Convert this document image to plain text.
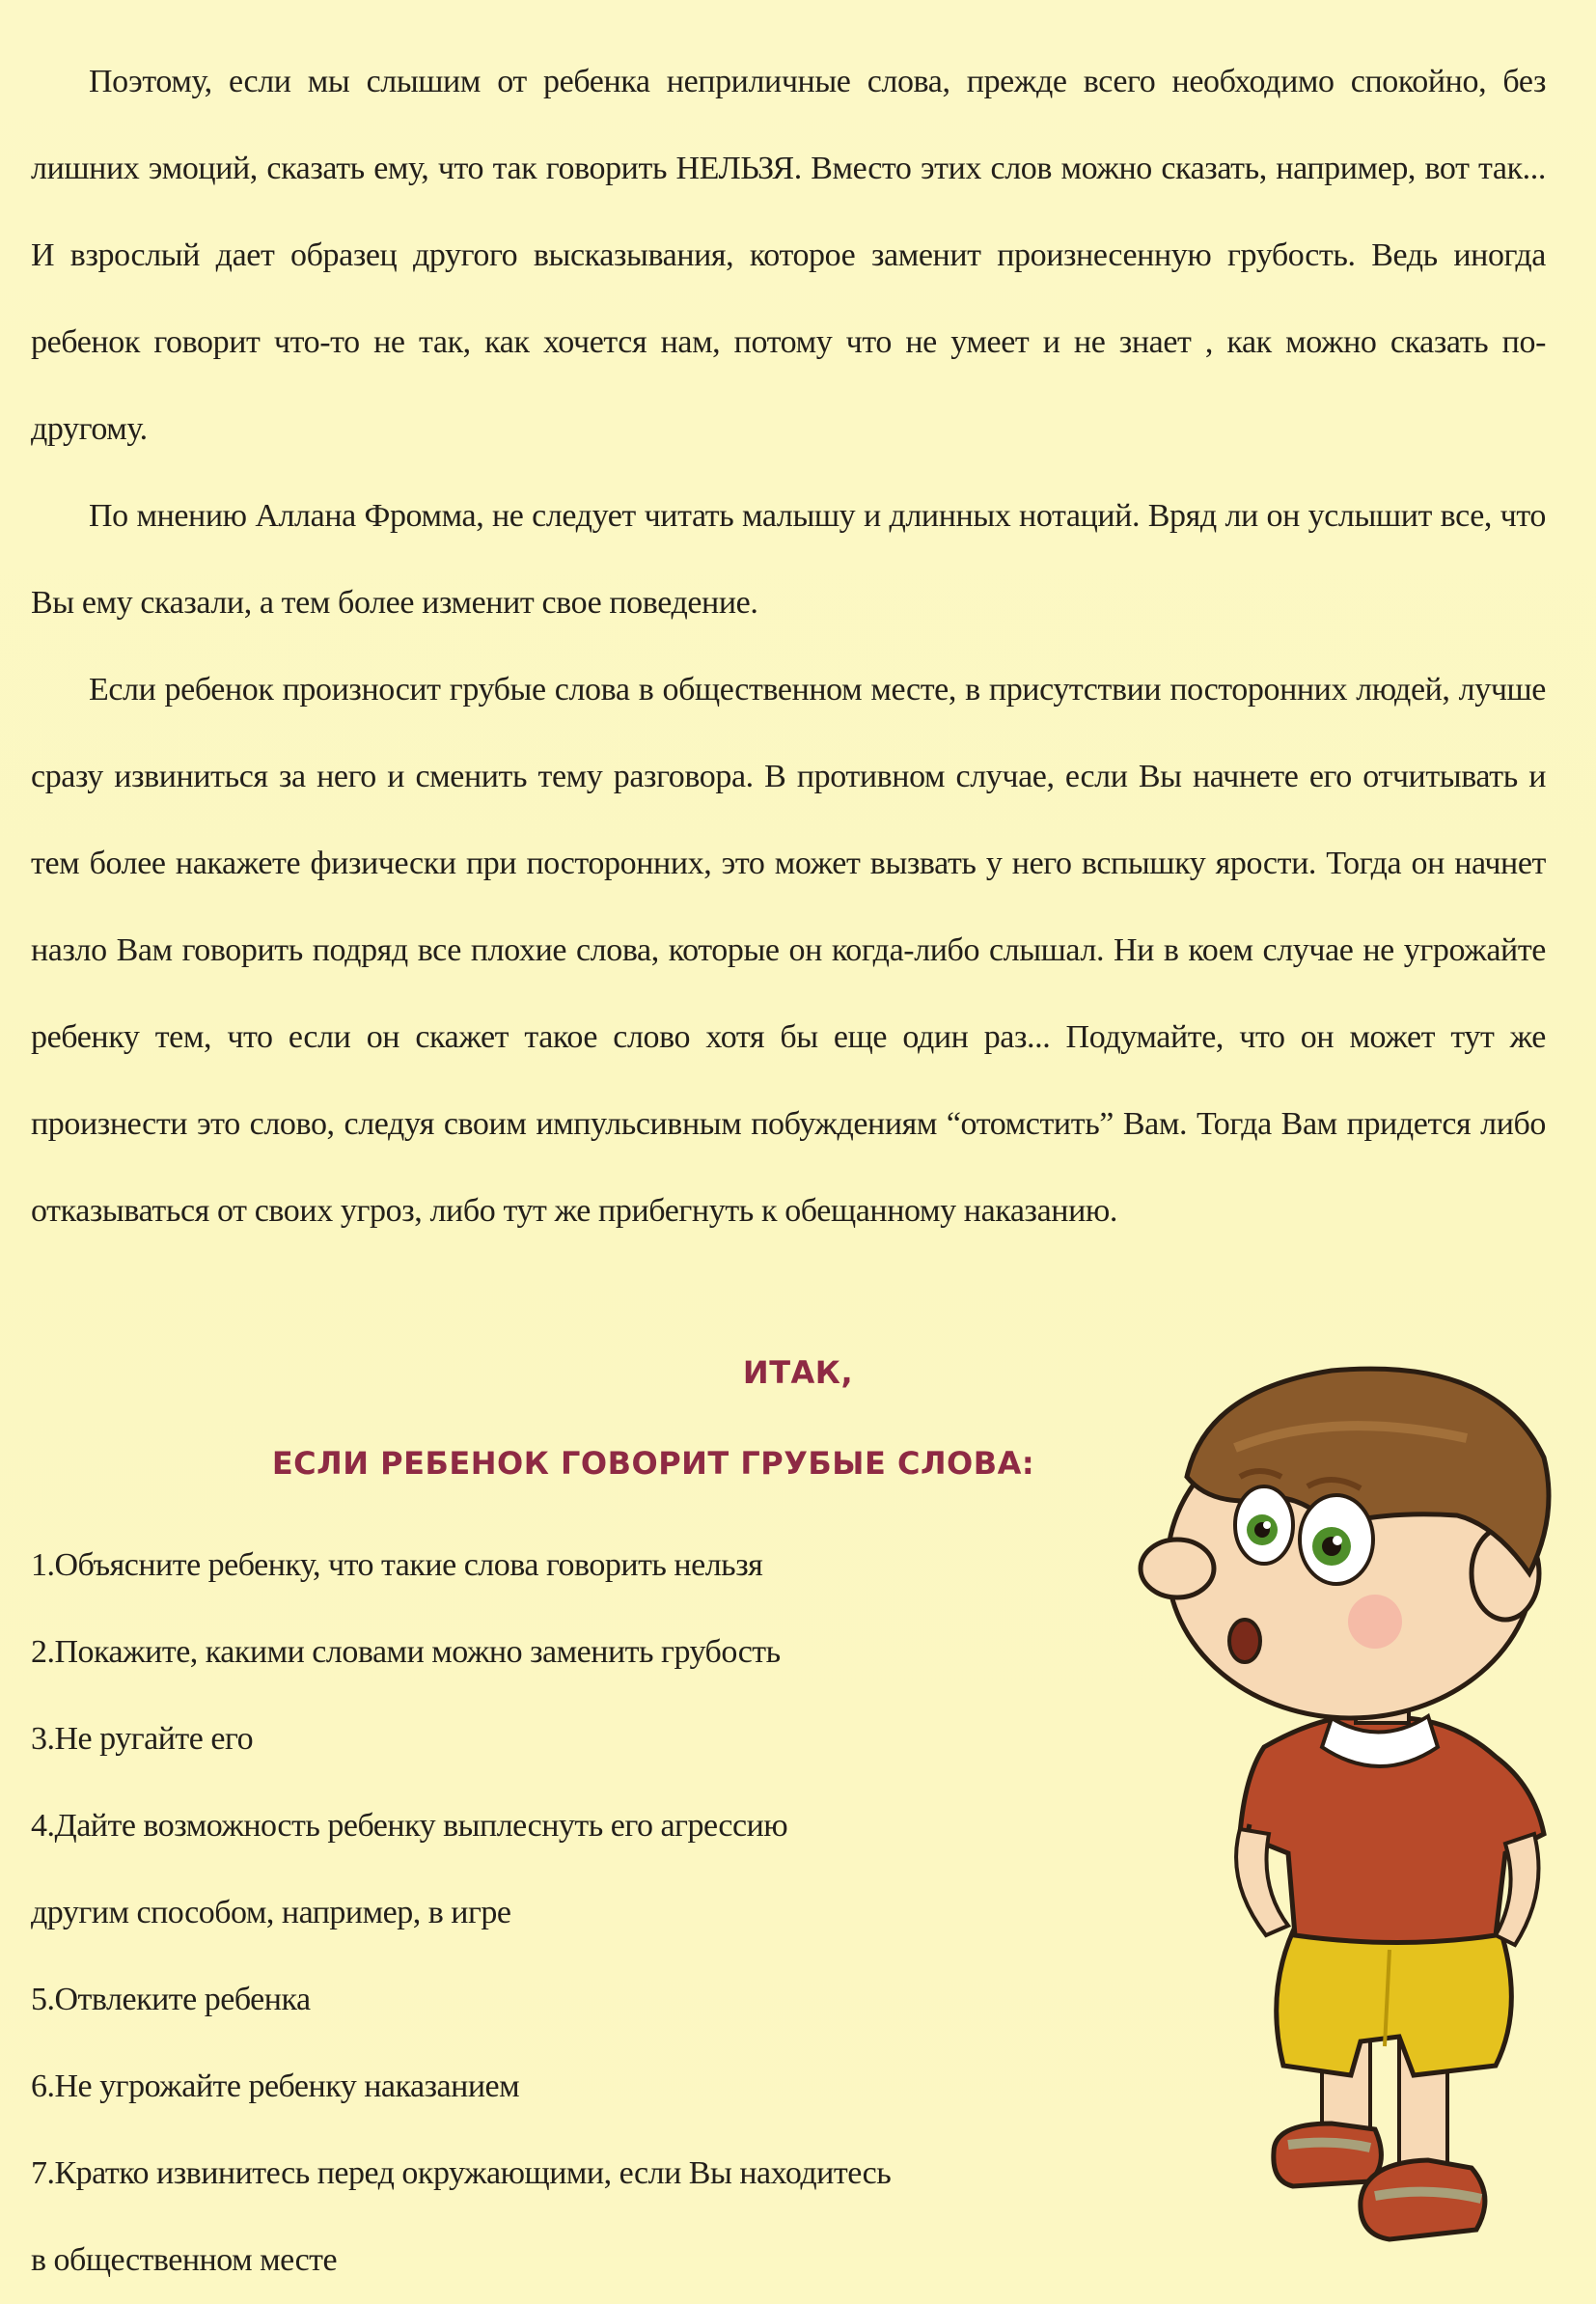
Поэтому, если мы слышим от ребенка неприличные слова, прежде всего необходимо спокойно, без лишних эмоций, сказать ему, что так говорить НЕЛЬЗЯ. Вместо этих слов можно сказать, например, вот так... И взрослый дает образец другого высказывания, которое заменит произнесенную грубость. Ведь иногда ребенок говорит что-то не так, как хочется нам, потому что не умеет и не знает , как можно сказать по-другому.

По мнению Аллана Фромма, не следует читать малышу и длинных нотаций. Вряд ли он услышит все, что Вы ему сказали, а тем более изменит свое поведение.

Если ребенок произносит грубые слова в общественном месте, в присутствии посторонних людей, лучше сразу извиниться за него и сменить тему разговора. В противном случае, если Вы начнете его отчитывать и тем более накажете физически при посторонних, это может вызвать у него вспышку ярости. Тогда он начнет назло Вам говорить подряд все плохие слова, которые он когда-либо слышал. Ни в коем случае не угрожайте ребенку тем, что если он скажет такое слово хотя бы еще один раз... Подумайте, что он может тут же произнести это слово, следуя своим импульсивным побуждениям “отомстить” Вам. Тогда Вам придется либо отказываться от своих угроз, либо тут же прибегнуть к обещанному наказанию.

ИТАК,
ЕСЛИ РЕБЕНОК ГОВОРИТ ГРУБЫЕ СЛОВА:
1.Объясните ребенку, что такие слова говорить нельзя
2.Покажите, какими словами можно заменить грубость
3.Не ругайте его
4.Дайте возможность ребенку выплеснуть его агрессию
другим способом, например, в игре
5.Отвлеките ребенка
6.Не угрожайте ребенку наказанием
7.Кратко извинитесь перед окружающими, если Вы находитесь
в общественном месте
